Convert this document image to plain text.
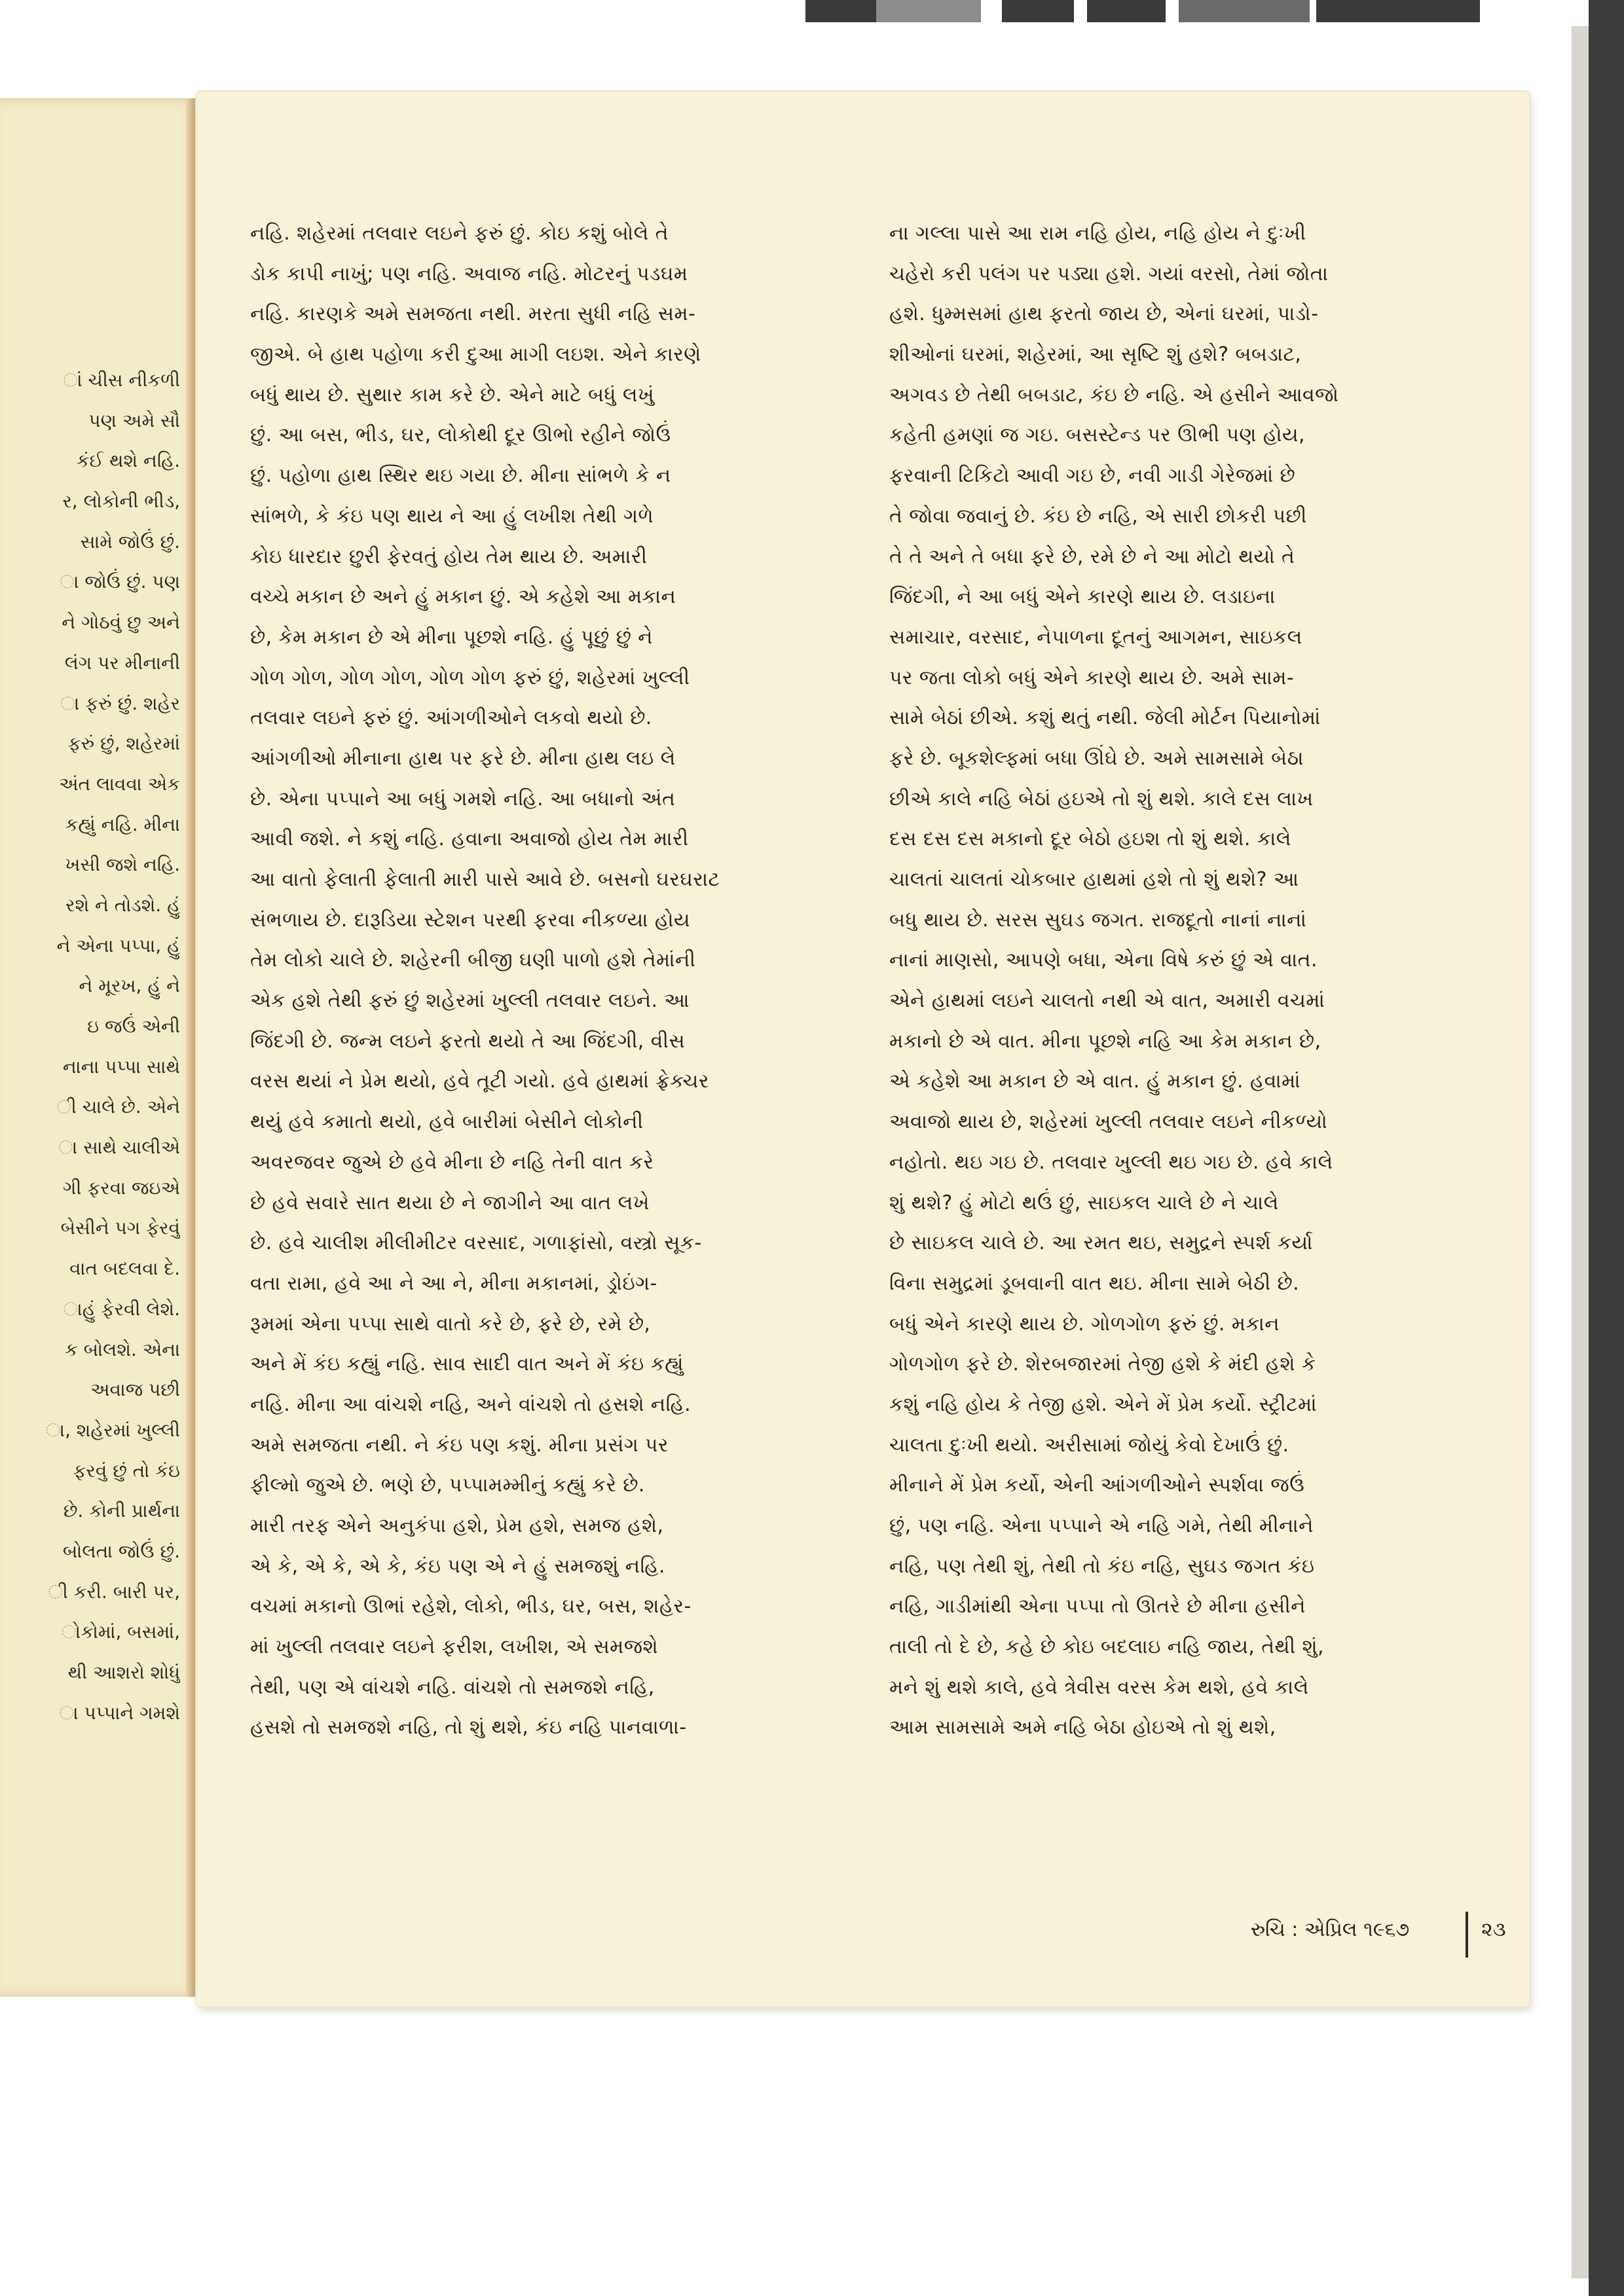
ાં ચીસ નીકળી
પણ અમે સૌ
કંઈ થશે નહિ.
ર, લોકોની ભીડ,
સામે જોઉં છું.
ા જોઉં છું. પણ
ને ગોઠવું છુ અને
લંગ પર મીનાની
ા ફરું છું. શહેર
ફરું છું, શહેરમાં
અંત લાવવા એક
કહ્યું નહિ. મીના
ખસી જશે નહિ.
રશે ને તોડશે. હું
ને એના પપ્પા, હું
ને મૂરખ, હું ને
ઇ જઉં એની
નાના પપ્પા સાથે
ી ચાલે છે. એને
ા સાથે ચાલીએ
ગી ફરવા જઇએ
બેસીને પગ ફેરવું
વાત બદલવા દે.
ાહું ફેરવી લેશે.
ક બોલશે. એના
અવાજ પછી
ા, શહેરમાં ખુલ્લી
ફરવું છું તો કંઇ
છે. કોની પ્રાર્થના
બોલતા જોઉં છું.
ી કરી. બારી પર,
ોકોમાં, બસમાં,
થી આશરો શોધું
ા પપ્પાને ગમશે
નહિ. શહેરમાં તલવાર લઇને ફરું છું. કોઇ કશું બોલે તે
ડોક કાપી નાખું; પણ નહિ. અવાજ નહિ. મોટરનું પડઘમ
નહિ. કારણકે અમે સમજતા નથી. મરતા સુધી નહિ સમ-
જીએ. બે હાથ પહોળા કરી દુઆ માગી લઇશ. એને કારણે
બધું થાય છે. સુથાર કામ કરે છે. એને માટે બધું લખું
છું. આ બસ, ભીડ, ઘર, લોકોથી દૂર ઊભો રહીને જોઉં
છું. પહોળા હાથ સ્થિર થઇ ગયા છે. મીના સાંભળે કે ન
સાંભળે, કે કંઇ પણ થાય ને આ હું લખીશ તેથી ગળે
કોઇ ધારદાર છુરી ફેરવતું હોય તેમ થાય છે. અમારી
વચ્ચે મકાન છે અને હું મકાન છું. એ કહેશે આ મકાન
છે, કેમ મકાન છે એ મીના પૂછશે નહિ. હું પૂછું છું ને
ગોળ ગોળ, ગોળ ગોળ, ગોળ ગોળ ફરું છું, શહેરમાં ખુલ્લી
તલવાર લઇને ફરું છું. આંગળીઓને લકવો થયો છે.
આંગળીઓ મીનાના હાથ પર ફરે છે. મીના હાથ લઇ લે
છે. એના પપ્પાને આ બધું ગમશે નહિ. આ બધાનો અંત
આવી જશે. ને કશું નહિ. હવાના અવાજો હોય તેમ મારી
આ વાતો ફેલાતી ફેલાતી મારી પાસે આવે છે. બસનો ઘરઘરાટ
સંભળાય છે. દારૂડિયા સ્ટેશન પરથી ફરવા નીકળ્યા હોય
તેમ લોકો ચાલે છે. શહેરની બીજી ઘણી પાળો હશે તેમાંની
એક હશે તેથી ફરું છું શહેરમાં ખુલ્લી તલવાર લઇને. આ
જિંદગી છે. જન્મ લઇને ફરતો થયો તે આ જિંદગી, વીસ
વરસ થયાં ને પ્રેમ થયો, હવે તૂટી ગયો. હવે હાથમાં ફ્રેક્ચર
થયું હવે કમાતો થયો, હવે બારીમાં બેસીને લોકોની
અવરજવર જુએ છે હવે મીના છે નહિ તેની વાત કરે
છે હવે સવારે સાત થયા છે ને જાગીને આ વાત લખે
છે. હવે ચાલીશ મીલીમીટર વરસાદ, ગળાફાંસો, વસ્ત્રો સૂક-
વતા રામા, હવે આ ને આ ને, મીના મકાનમાં, ડ્રોઇંગ-
રૂમમાં એના પપ્પા સાથે વાતો કરે છે, ફરે છે, રમે છે,
અને મેં કંઇ કહ્યું નહિ. સાવ સાદી વાત અને મેં કંઇ કહ્યું
નહિ. મીના આ વાંચશે નહિ, અને વાંચશે તો હસશે નહિ.
અમે સમજતા નથી. ને કંઇ પણ કશું. મીના પ્રસંગ પર
ફીલ્મો જુએ છે. ભણે છે, પપ્પામમ્મીનું કહ્યું કરે છે.
મારી તરફ એને અનુકંપા હશે, પ્રેમ હશે, સમજ હશે,
એ કે, એ કે, એ કે, કંઇ પણ એ ને હું સમજશું નહિ.
વચમાં મકાનો ઊભાં રહેશે, લોકો, ભીડ, ઘર, બસ, શહેર-
માં ખુલ્લી તલવાર લઇને ફરીશ, લખીશ, એ સમજશે
તેથી, પણ એ વાંચશે નહિ. વાંચશે તો સમજશે નહિ,
હસશે તો સમજશે નહિ, તો શું થશે, કંઇ નહિ પાનવાળા-
ના ગલ્લા પાસે આ રામ નહિ હોય, નહિ હોય ને દુઃખી
ચહેરો કરી પલંગ પર પડ્યા હશે. ગયાં વરસો, તેમાં જોતા
હશે. ધુમ્મસમાં હાથ ફરતો જાય છે, એનાં ઘરમાં, પાડો-
શીઓનાં ઘરમાં, શહેરમાં, આ સૃષ્ટિ શું હશે? બબડાટ,
અગવડ છે તેથી બબડાટ, કંઇ છે નહિ. એ હસીને આવજો
કહેતી હમણાં જ ગઇ. બસસ્ટેન્ડ પર ઊભી પણ હોય,
ફરવાની ટિકિટો આવી ગઇ છે, નવી ગાડી ગેરેજમાં છે
તે જોવા જવાનું છે. કંઇ છે નહિ, એ સારી છોકરી પછી
તે તે અને તે બધા ફરે છે, રમે છે ને આ મોટો થયો તે
જિંદગી, ને આ બધું એને કારણે થાય છે. લડાઇના
સમાચાર, વરસાદ, નેપાળના દૂતનું આગમન, સાઇકલ
પર જતા લોકો બધું એને કારણે થાય છે. અમે સામ-
સામે બેઠાં છીએ. કશું થતું નથી. જેલી મોર્ટન પિયાનોમાં
ફરે છે. બૂકશેલ્ફમાં બધા ઊંઘે છે. અમે સામસામે બેઠા
છીએ કાલે નહિ બેઠાં હઇએ તો શું થશે. કાલે દસ લાખ
દસ દસ દસ મકાનો દૂર બેઠો હઇશ તો શું થશે. કાલે
ચાલતાં ચાલતાં ચોકબાર હાથમાં હશે તો શું થશે? આ
બધુ થાય છે. સરસ સુઘડ જગત. રાજદૂતો નાનાં નાનાં
નાનાં માણસો, આપણે બધા, એના વિષે કરું છું એ વાત.
એને હાથમાં લઇને ચાલતો નથી એ વાત, અમારી વચમાં
મકાનો છે એ વાત. મીના પૂછશે નહિ આ કેમ મકાન છે,
એ કહેશે આ મકાન છે એ વાત. હું મકાન છું. હવામાં
અવાજો થાય છે, શહેરમાં ખુલ્લી તલવાર લઇને નીકળ્યો
નહોતો. થઇ ગઇ છે. તલવાર ખુલ્લી થઇ ગઇ છે. હવે કાલે
શું થશે? હું મોટો થઉં છું, સાઇકલ ચાલે છે ને ચાલે
છે સાઇકલ ચાલે છે. આ રમત થઇ, સમુદ્રને સ્પર્શ કર્યા
વિના સમુદ્રમાં ડૂબવાની વાત થઇ. મીના સામે બેઠી છે.
બધું એને કારણે થાય છે. ગોળગોળ ફરું છું. મકાન
ગોળગોળ ફરે છે. શેરબજારમાં તેજી હશે કે મંદી હશે કે
કશું નહિ હોય કે તેજી હશે. એને મેં પ્રેમ કર્યો. સ્ટ્રીટમાં
ચાલતા દુઃખી થયો. અરીસામાં જોયું કેવો દેખાઉં છું.
મીનાને મેં પ્રેમ કર્યો, એની આંગળીઓને સ્પર્શવા જઉં
છું, પણ નહિ. એના પપ્પાને એ નહિ ગમે, તેથી મીનાને
નહિ, પણ તેથી શું, તેથી તો કંઇ નહિ, સુઘડ જગત કંઇ
નહિ, ગાડીમાંથી એના પપ્પા તો ઊતરે છે મીના હસીને
તાલી તો દે છે, કહે છે કોઇ બદલાઇ નહિ જાય, તેથી શું,
મને શું થશે કાલે, હવે ત્રેવીસ વરસ કેમ થશે, હવે કાલે
આમ સામસામે અમે નહિ બેઠા હોઇએ તો શું થશે,
રુચિ : એપ્રિલ ૧૯૬૭	૨૩
